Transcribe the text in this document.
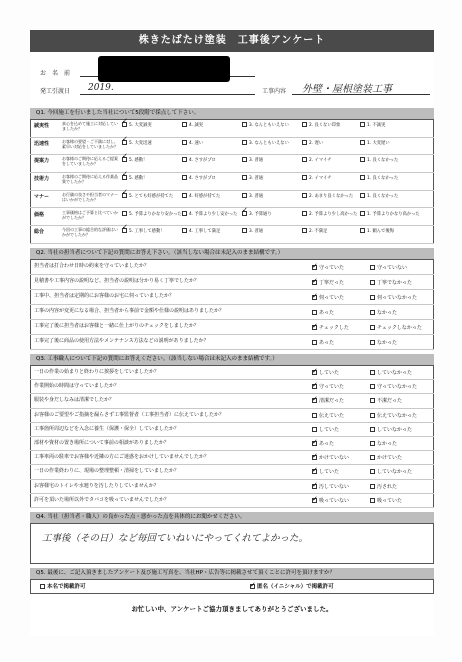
株きたばたけ塗装　工事後アンケート
お　名　前
発工引渡日 2019.	工事内容 外壁・屋根塗装工事
Q1. 今回施工を行いました当社について5段階で採点して下さい。
誠実性	真心を込めて施工に対応していましたか？
✓5. 大変誠実	4. 誠実	3. なんともいえない	2. 良くない印象	1. 不誠実
迅速性	お客様の要望・ご不満に対し、素早い対応をしていましたか？
✓5. 大変迅速	4. 速い	3. なんともいえない	2. 遅い	1. 大変遅い
提案力	お客様のご期待に応えるご提案をしていましたか？
✓5. 感動！	4. さすがプロ	3. 普通	2. イマイチ	1. 良くなかった
技術力	お客様のご期待に応える作業品質でしたか？
✓5. 感動！	4. さすがプロ	3. 普通	2. イマイチ	1. 良くなかった
マナー	お行儀の良さや担当者のマナーはいかがでしたか？
✓5. とても好感が持てた	4. 好感が持てた	3. 普通	2. あまり良くなかった	1. 良くなかった
価格	工事価格はご予算と比べていかがでしたか？
5. 予算よりかなり安かった	4. 予算より少し安かった ✓	3. 予算通り	2. 予算より少し高かった	1. 予算よりかなり高かった
総合	今回の工事の総合的な評価はいかがでしたか？
✓5. 工事して感動！	4. 工事して満足	3. 普通	2. 不満足	1. 頼んで後悔
Q2. 当社の担当者について下記の質問にお答え下さい。（該当しない場合は未記入のまま結構です。）
担当者は打合わせ日時の約束を守っていましたか？ ✓	守っていた	守っていない
見積書や工事内容の説明など、担当者の説明は分かり易く丁寧でしたか？ ✓	丁寧だった	丁寧でなかった
工事中、担当者は定期的にお客様のお宅に伺っていましたか？ ✓	伺っていた	伺っていなかった
工事の内容が変更になる場合、担当者から事前で金額や仕様の説明はありましたか？	あった	なかった
工事完了後に担当者はお客様と一緒に仕上がりのチェックをしましたか？ ✓	チェックした	チェックしなかった
工事完了後に商品の使用方法やメンテナンス方法などの説明がありましたか？	あった	なかった
Q3. 工事職人について下記の質問にお答えください。（該当しない場合は未記入のまま結構です。）
一日の作業の始まりと終わりに挨拶をしていましたか？ ✓	していた	していなかった
作業開始の時間は守っていましたか？ ✓	守っていた	守っていなかった
服装や身だしなみは清潔でしたか？ ✓	清潔だった	不潔だった
お客様のご要望やご指摘を漏らさず工事監督者（工事担当者）に伝えていましたか？	伝えていた	伝えていなかった
工事箇所周辺などを入念に養生（保護・保全）していましたか？	していた	していなかった
部材や資材の置き場所について事前の相談がありましたか？ ✓	あった	なかった
工事車両の駐車でお客様や近隣の方にご迷惑をおかけしていませんでしたか？ ✓	かけていない	かけていた
一日の作業終わりに、現場の整理整頓・清掃をしていましたか？ ✓	していた	していなかった
お客様宅のトイレや水廻りを汚したりしていませんか？ ✓	汚していない	汚された
許可を頂いた場所以外でタバコを吸っていませんでしたか？ ✓	吸っていない	吸っていた
Q4. 当社（担当者・職人）の良かった点・悪かった点を具体的にお聞かせください。
工事後（その日）など毎回ていねいにやってくれてよかった。
Q5. 最後に、ご記入頂きましたアンケート及び施工写真を、当社HP・広告等に掲載させて頂くことに許可を頂けますか？
本名で掲載許可 ✓	匿名（イニシャル）で掲載許可
お忙しい中、アンケートご協力頂きましてありがとうございました。
